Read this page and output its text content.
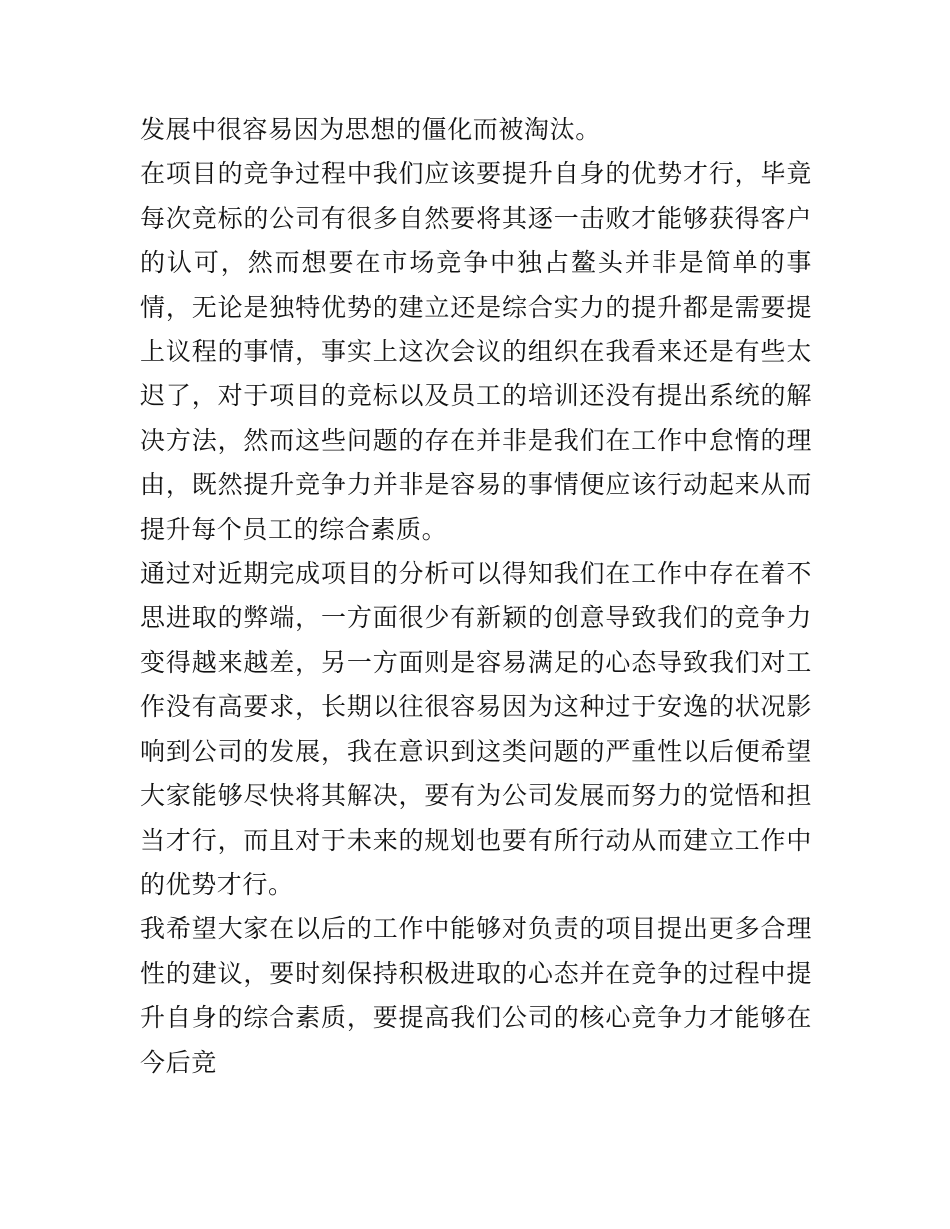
发展中很容易因为思想的僵化而被淘汰。

在项目的竞争过程中我们应该要提升自身的优势才行，毕竟每次竞标的公司有很多自然要将其逐一击败才能够获得客户的认可，然而想要在市场竞争中独占鳌头并非是简单的事情，无论是独特优势的建立还是综合实力的提升都是需要提上议程的事情，事实上这次会议的组织在我看来还是有些太迟了，对于项目的竞标以及员工的培训还没有提出系统的解决方法，然而这些问题的存在并非是我们在工作中怠惰的理由，既然提升竞争力并非是容易的事情便应该行动起来从而提升每个员工的综合素质。

通过对近期完成项目的分析可以得知我们在工作中存在着不思进取的弊端，一方面很少有新颖的创意导致我们的竞争力变得越来越差，另一方面则是容易满足的心态导致我们对工作没有高要求，长期以往很容易因为这种过于安逸的状况影响到公司的发展，我在意识到这类问题的严重性以后便希望大家能够尽快将其解决，要有为公司发展而努力的觉悟和担当才行，而且对于未来的规划也要有所行动从而建立工作中的优势才行。

我希望大家在以后的工作中能够对负责的项目提出更多合理性的建议，要时刻保持积极进取的心态并在竞争的过程中提升自身的综合素质，要提高我们公司的核心竞争力才能够在今后竞
